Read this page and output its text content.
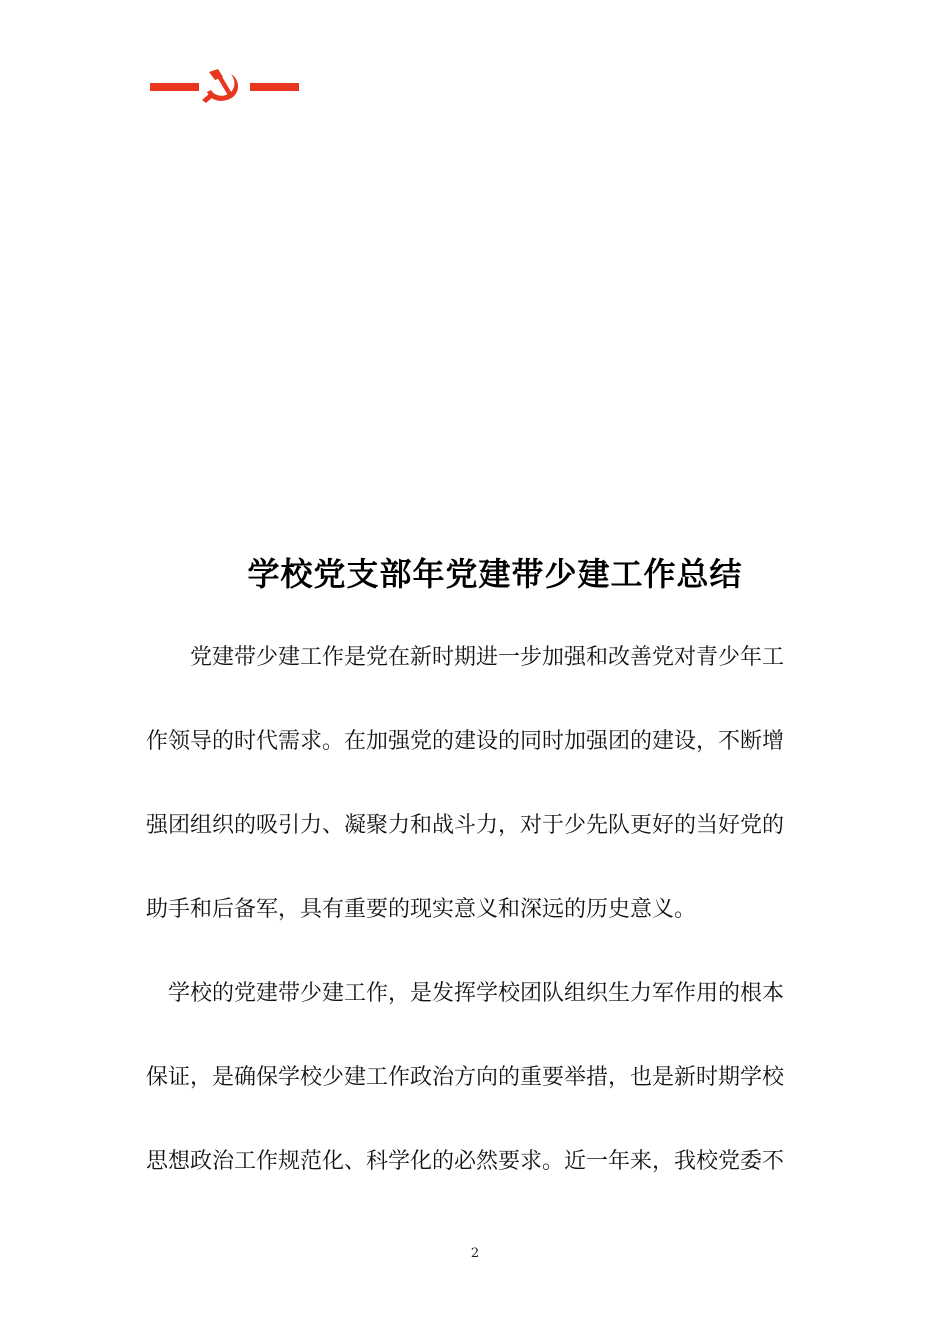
学校党支部年党建带少建工作总结
　　党建带少建工作是党在新时期进一步加强和改善党对青少年工
作领导的时代需求。在加强党的建设的同时加强团的建设，不断增
强团组织的吸引力、凝聚力和战斗力，对于少先队更好的当好党的
助手和后备军，具有重要的现实意义和深远的历史意义。
　学校的党建带少建工作，是发挥学校团队组织生力军作用的根本
保证，是确保学校少建工作政治方向的重要举措，也是新时期学校
思想政治工作规范化、科学化的必然要求。近一年来，我校党委不
2
